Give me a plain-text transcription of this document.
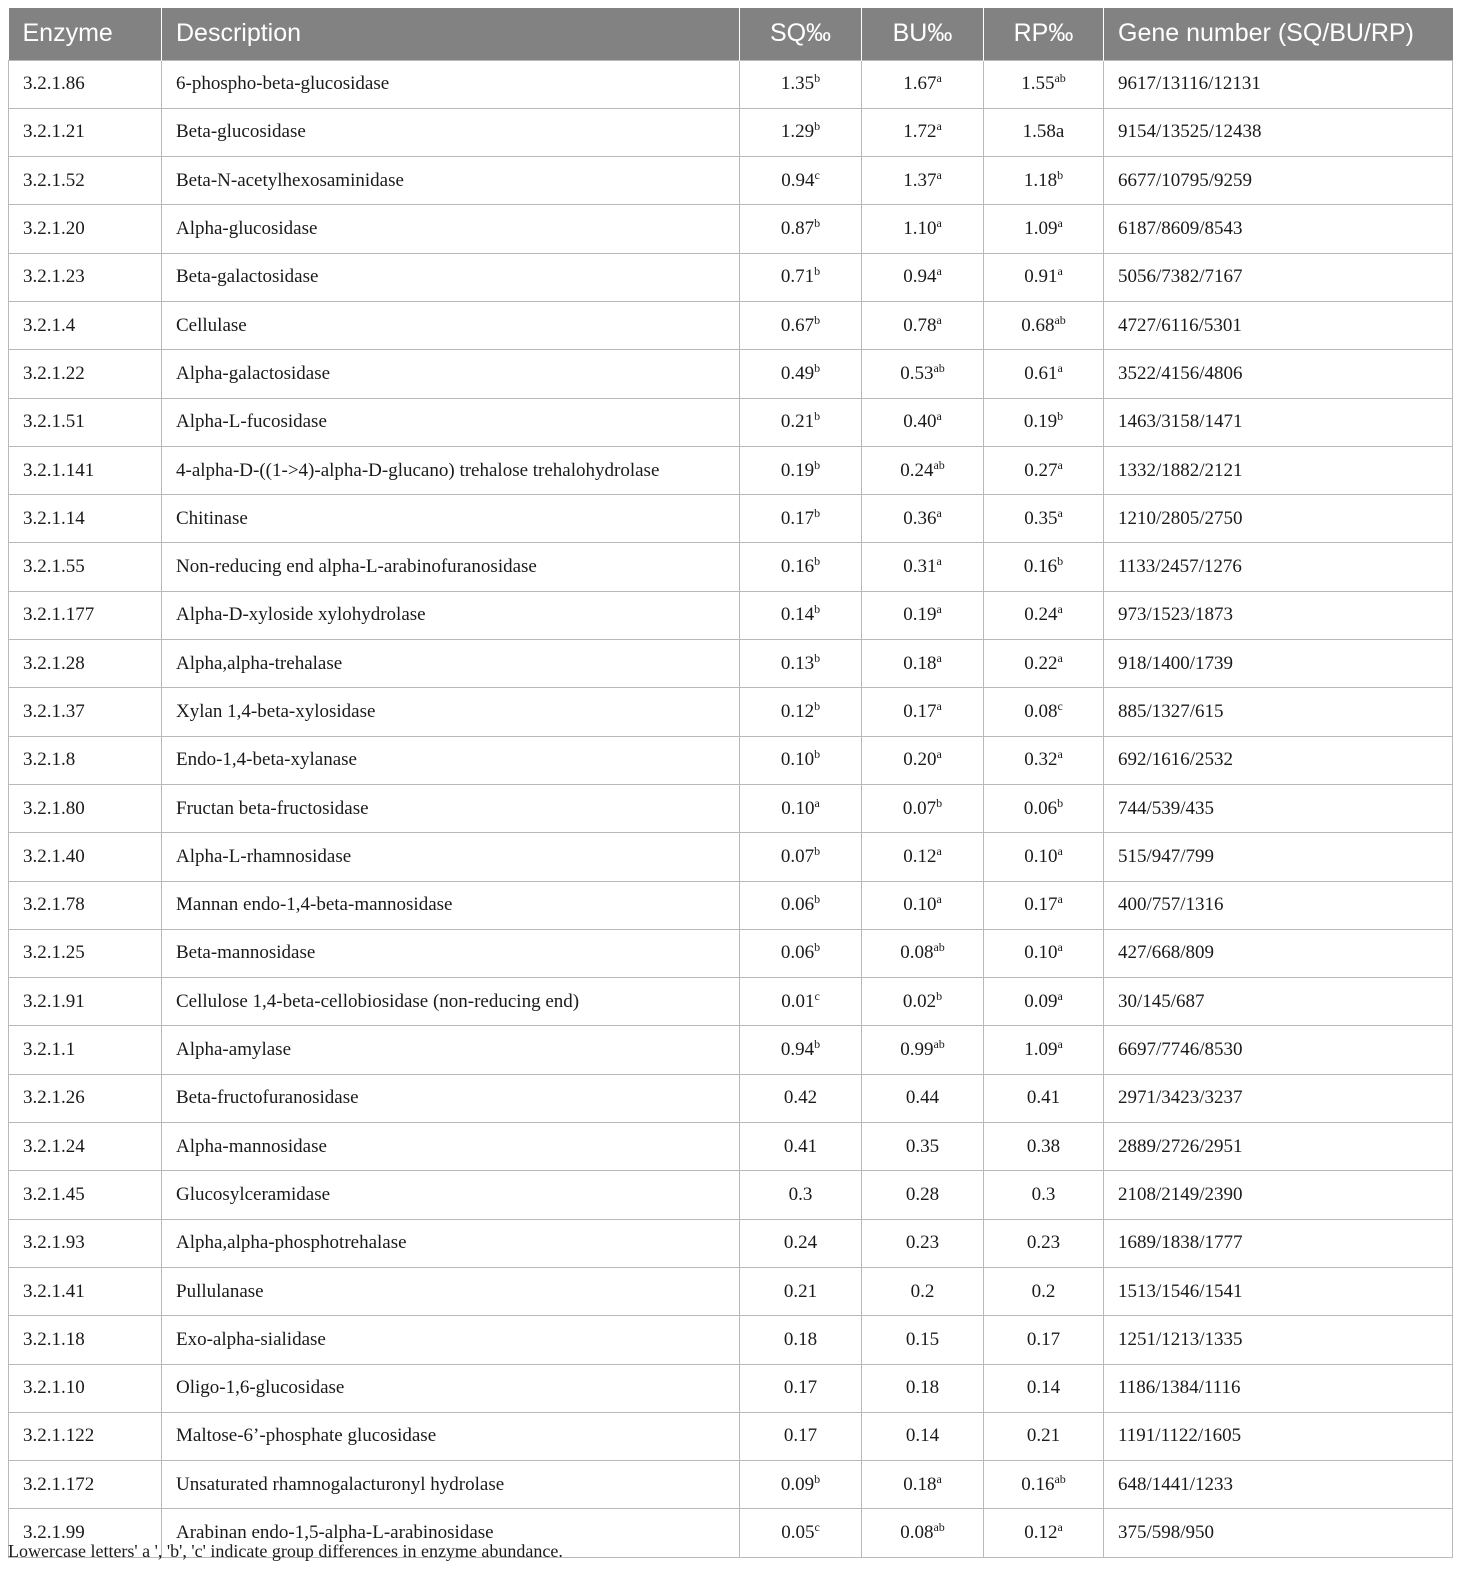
Enzyme	Description	SQ‰	BU‰	RP‰	Gene number (SQ/BU/RP)
3.2.1.86	6-phospho-beta-glucosidase	1.35$^b$	1.67$^a$	1.55$^{ab}$	9617/13116/12131
3.2.1.21	Beta-glucosidase	1.29$^b$	1.72$^a$	1.58a	9154/13525/12438
3.2.1.52	Beta-N-acetylhexosaminidase	0.94$^c$	1.37$^a$	1.18$^b$	6677/10795/9259
3.2.1.20	Alpha-glucosidase	0.87$^b$	1.10$^a$	1.09$^a$	6187/8609/8543
3.2.1.23	Beta-galactosidase	0.71$^b$	0.94$^a$	0.91$^a$	5056/7382/7167
3.2.1.4	Cellulase	0.67$^b$	0.78$^a$	0.68$^{ab}$	4727/6116/5301
3.2.1.22	Alpha-galactosidase	0.49$^b$	0.53$^{ab}$	0.61$^a$	3522/4156/4806
3.2.1.51	Alpha-L-fucosidase	0.21$^b$	0.40$^a$	0.19$^b$	1463/3158/1471
3.2.1.141	4-alpha-D-((1->4)-alpha-D-glucano) trehalose trehalohydrolase	0.19$^b$	0.24$^{ab}$	0.27$^a$	1332/1882/2121
3.2.1.14	Chitinase	0.17$^b$	0.36$^a$	0.35$^a$	1210/2805/2750
3.2.1.55	Non-reducing end alpha-L-arabinofuranosidase	0.16$^b$	0.31$^a$	0.16$^b$	1133/2457/1276
3.2.1.177	Alpha-D-xyloside xylohydrolase	0.14$^b$	0.19$^a$	0.24$^a$	973/1523/1873
3.2.1.28	Alpha,alpha-trehalase	0.13$^b$	0.18$^a$	0.22$^a$	918/1400/1739
3.2.1.37	Xylan 1,4-beta-xylosidase	0.12$^b$	0.17$^a$	0.08$^c$	885/1327/615
3.2.1.8	Endo-1,4-beta-xylanase	0.10$^b$	0.20$^a$	0.32$^a$	692/1616/2532
3.2.1.80	Fructan beta-fructosidase	0.10$^a$	0.07$^b$	0.06$^b$	744/539/435
3.2.1.40	Alpha-L-rhamnosidase	0.07$^b$	0.12$^a$	0.10$^a$	515/947/799
3.2.1.78	Mannan endo-1,4-beta-mannosidase	0.06$^b$	0.10$^a$	0.17$^a$	400/757/1316
3.2.1.25	Beta-mannosidase	0.06$^b$	0.08$^{ab}$	0.10$^a$	427/668/809
3.2.1.91	Cellulose 1,4-beta-cellobiosidase (non-reducing end)	0.01$^c$	0.02$^b$	0.09$^a$	30/145/687
3.2.1.1	Alpha-amylase	0.94$^b$	0.99$^{ab}$	1.09$^a$	6697/7746/8530
3.2.1.26	Beta-fructofuranosidase	0.42	0.44	0.41	2971/3423/3237
3.2.1.24	Alpha-mannosidase	0.41	0.35	0.38	2889/2726/2951
3.2.1.45	Glucosylceramidase	0.3	0.28	0.3	2108/2149/2390
3.2.1.93	Alpha,alpha-phosphotrehalase	0.24	0.23	0.23	1689/1838/1777
3.2.1.41	Pullulanase	0.21	0.2	0.2	1513/1546/1541
3.2.1.18	Exo-alpha-sialidase	0.18	0.15	0.17	1251/1213/1335
3.2.1.10	Oligo-1,6-glucosidase	0.17	0.18	0.14	1186/1384/1116
3.2.1.122	Maltose-6’-phosphate glucosidase	0.17	0.14	0.21	1191/1122/1605
3.2.1.172	Unsaturated rhamnogalacturonyl hydrolase	0.09$^b$	0.18$^a$	0.16$^{ab}$	648/1441/1233
3.2.1.99	Arabinan endo-1,5-alpha-L-arabinosidase	0.05$^c$	0.08$^{ab}$	0.12$^a$	375/598/950
Lowercase letters' a ', 'b', 'c' indicate group differences in enzyme abundance.
